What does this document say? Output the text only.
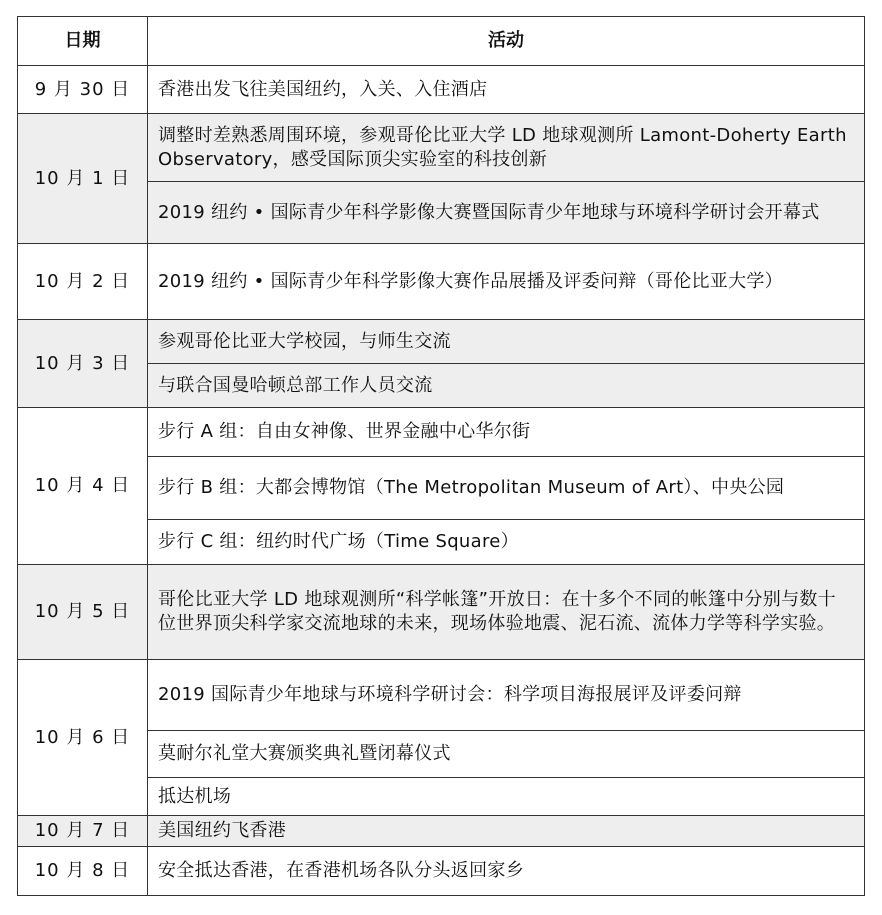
日期	活动
9 月 30 日	香港出发飞往美国纽约，入关、入住酒店
10 月 1 日	调整时差熟悉周围环境，参观哥伦比亚大学 LD 地球观测所 Lamont-Doherty Earth Observatory，感受国际顶尖实验室的科技创新
	2019 纽约 • 国际青少年科学影像大赛暨国际青少年地球与环境科学研讨会开幕式
10 月 2 日	2019 纽约 • 国际青少年科学影像大赛作品展播及评委问辩（哥伦比亚大学）
10 月 3 日	参观哥伦比亚大学校园，与师生交流
	与联合国曼哈顿总部工作人员交流
10 月 4 日	步行 A 组：自由女神像、世界金融中心华尔街
	步行 B 组：大都会博物馆（The Metropolitan Museum of Art）、中央公园
	步行 C 组：纽约时代广场（Time Square）
10 月 5 日	哥伦比亚大学 LD 地球观测所“科学帐篷”开放日：在十多个不同的帐篷中分别与数十位世界顶尖科学家交流地球的未来，现场体验地震、泥石流、流体力学等科学实验。
10 月 6 日	2019 国际青少年地球与环境科学研讨会：科学项目海报展评及评委问辩
	莫耐尔礼堂大赛颁奖典礼暨闭幕仪式
	抵达机场
10 月 7 日	美国纽约飞香港
10 月 8 日	安全抵达香港，在香港机场各队分头返回家乡
